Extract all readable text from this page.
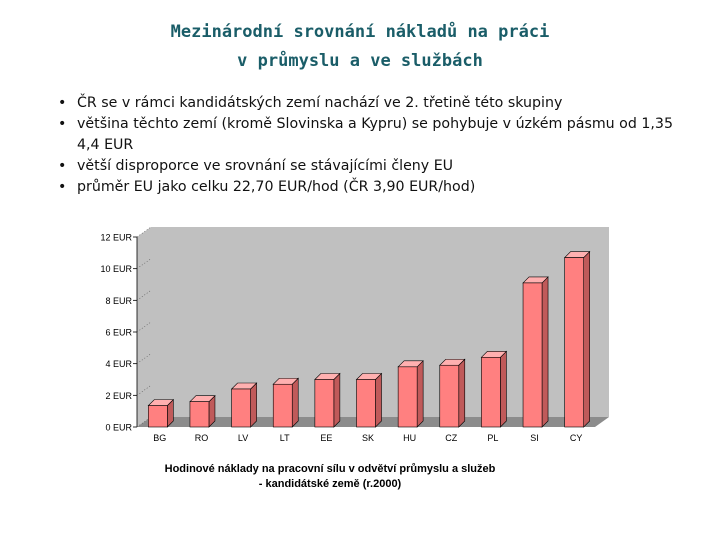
Mezinárodní srovnání nákladů na práci
v průmyslu a ve službách
• ČR se v rámci kandidátských zemí nachází ve 2. třetině této skupiny
• většina těchto zemí (kromě Slovinska a Kypru) se pohybuje v úzkém pásmu od 1,35 4,4 EUR
• větší disproporce ve srovnání se stávajícími členy EU
• průměr EU jako celku 22,70 EUR/hod (ČR 3,90 EUR/hod)
0 EUR
2 EUR
4 EUR
6 EUR
8 EUR
10 EUR
12 EUR
BG	RO	LV	LT	EE	SK	HU	CZ	PL	SI	CY
Hodinové náklady na pracovní sílu v odvětví průmyslu a služeb
- kandidátské země (r.2000)
